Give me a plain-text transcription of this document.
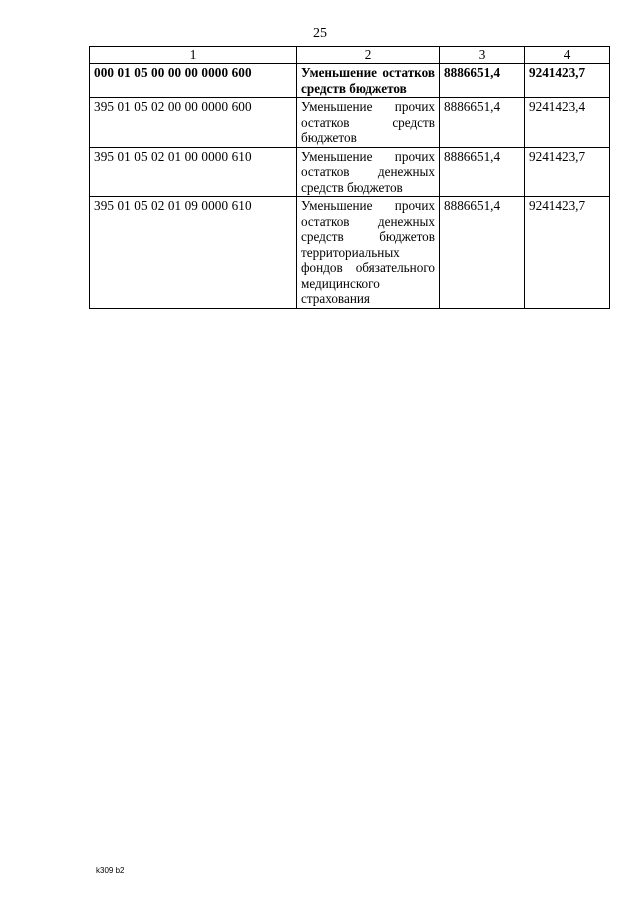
25
1	2	3	4
000 01 05 00 00 00 0000 600	Уменьшение остатков средств бюджетов	8886651,4	9241423,7
395 01 05 02 00 00 0000 600	Уменьшение прочих остатков средств бюджетов	8886651,4	9241423,4
395 01 05 02 01 00 0000 610	Уменьшение прочих остатков денежных средств бюджетов	8886651,4	9241423,7
395 01 05 02 01 09 0000 610	Уменьшение прочих остатков денежных средств бюджетов территориальных фондов обязательного медицинского страхования	8886651,4	9241423,7
k309 b2
